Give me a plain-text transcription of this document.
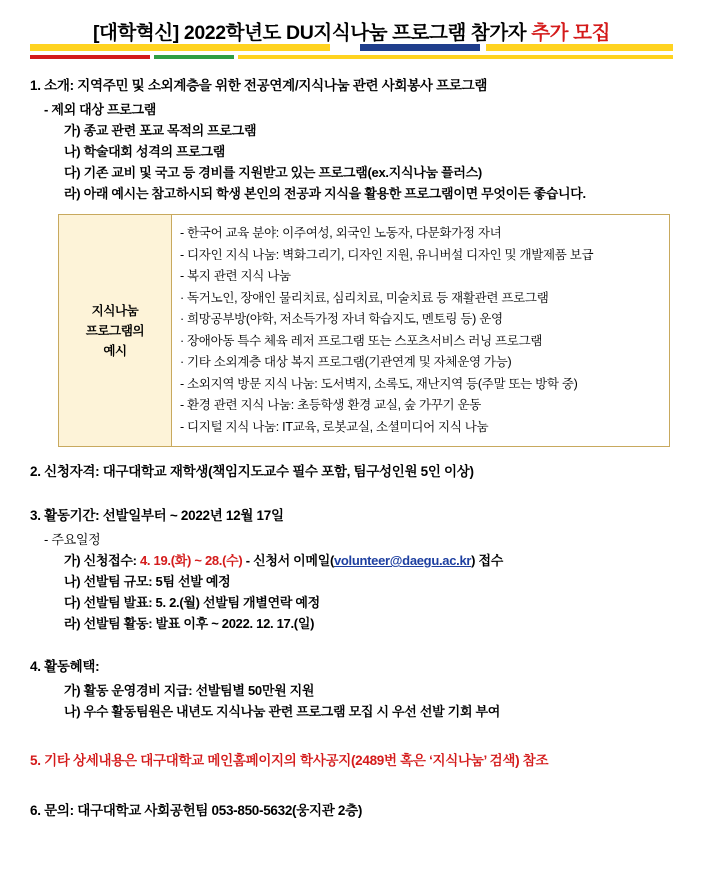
[대학혁신] 2022학년도 DU지식나눔 프로그램 참가자 추가 모집
1. 소개: 지역주민 및 소외계층을 위한 전공연계/지식나눔 관련 사회봉사 프로그램
- 제외 대상 프로그램
가) 종교 관련 포교 목적의 프로그램
나) 학술대회 성격의 프로그램
다) 기존 교비 및 국고 등 경비를 지원받고 있는 프로그램(ex.지식나눔 플러스)
라) 아래 예시는 참고하시되 학생 본인의 전공과 지식을 활용한 프로그램이면 무엇이든 좋습니다.
지식나눔
프로그램의
예시

- 한국어 교육 분야: 이주여성, 외국인 노동자, 다문화가정 자녀
- 디자인 지식 나눔: 벽화그리기, 디자인 지원, 유니버설 디자인 및 개발제품 보급
- 복지 관련 지식 나눔
· 독거노인, 장애인 물리치료, 심리치료, 미술치료 등 재활관련 프로그램
· 희망공부방(야학, 저소득가정 자녀 학습지도, 멘토링 등) 운영
· 장애아동 특수 체육 레저 프로그램 또는 스포츠서비스 러닝 프로그램
· 기타 소외계층 대상 복지 프로그램(기관연계 및 자체운영 가능)
- 소외지역 방문 지식 나눔: 도서벽지, 소록도, 재난지역 등(주말 또는 방학 중)
- 환경 관련 지식 나눔: 초등학생 환경 교실, 숲 가꾸기 운동
- 디지털 지식 나눔: IT교육, 로봇교실, 소셜미디어 지식 나눔
2. 신청자격: 대구대학교 재학생(책임지도교수 필수 포함, 팀구성인원 5인 이상)
3. 활동기간: 선발일부터 ~ 2022년 12월 17일
- 주요일정
가) 신청접수: 4. 19.(화) ~ 28.(수) - 신청서 이메일(volunteer@daegu.ac.kr) 접수
나) 선발팀 규모: 5팀 선발 예정
다) 선발팀 발표: 5. 2.(월) 선발팀 개별연락 예정
라) 선발팀 활동: 발표 이후 ~ 2022. 12. 17.(일)
4. 활동혜택:
가) 활동 운영경비 지급: 선발팀별 50만원 지원
나) 우수 활동팀원은 내년도 지식나눔 관련 프로그램 모집 시 우선 선발 기회 부여
5. 기타 상세내용은 대구대학교 메인홈페이지의 학사공지(2489번 혹은 ‘지식나눔’ 검색) 참조
6. 문의: 대구대학교 사회공헌팀 053-850-5632(웅지관 2층)
